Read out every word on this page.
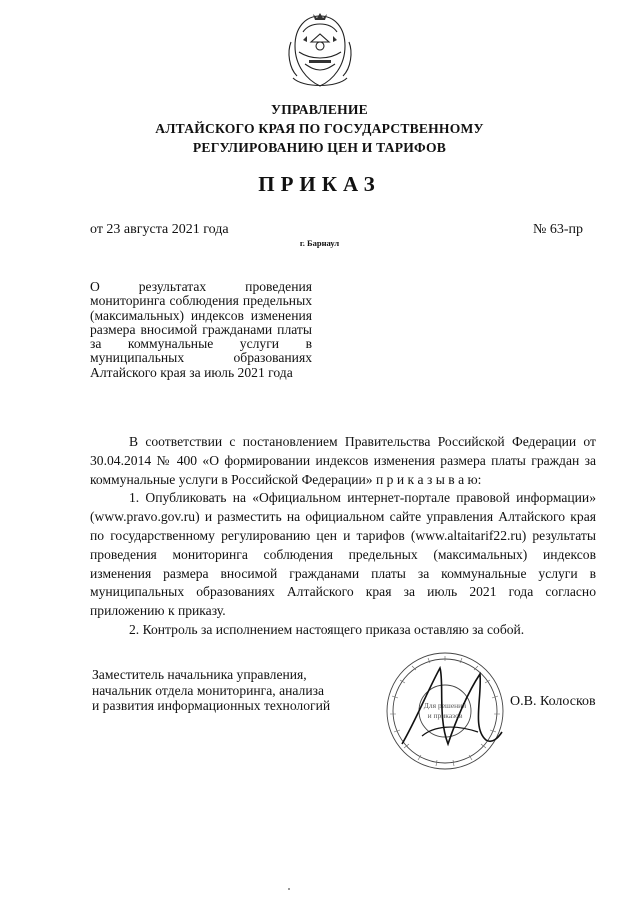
УПРАВЛЕНИЕ
АЛТАЙСКОГО КРАЯ ПО ГОСУДАРСТВЕННОМУ
РЕГУЛИРОВАНИЮ ЦЕН И ТАРИФОВ
ПРИКАЗ
от 23 августа 2021 года	№ 63-пр
г. Барнаул
О результатах проведения мониторинга соблюдения предельных (максимальных) индексов изменения размера вносимой гражданами платы за коммунальные услуги в муниципальных образованиях Алтайского края за июль 2021 года

В соответствии с постановлением Правительства Российской Федерации от 30.04.2014 № 400 «О формировании индексов изменения размера платы граждан за коммунальные услуги в Российской Федерации» п р и к а з ы в а ю:

1. Опубликовать на «Официальном интернет-портале правовой информации» (www.pravo.gov.ru) и разместить на официальном сайте управления Алтайского края по государственному регулированию цен и тарифов (www.altaitarif22.ru) результаты проведения мониторинга соблюдения предельных (максимальных) индексов изменения размера вносимой гражданами платы за коммунальные услуги в муниципальных образованиях Алтайского края за июль 2021 года согласно приложению к приказу.

2. Контроль за исполнением настоящего приказа оставляю за собой.

Заместитель начальника управления,
начальник отдела мониторинга, анализа
и развития информационных технологий	Для решений
и приказов
О.В. Колосков
